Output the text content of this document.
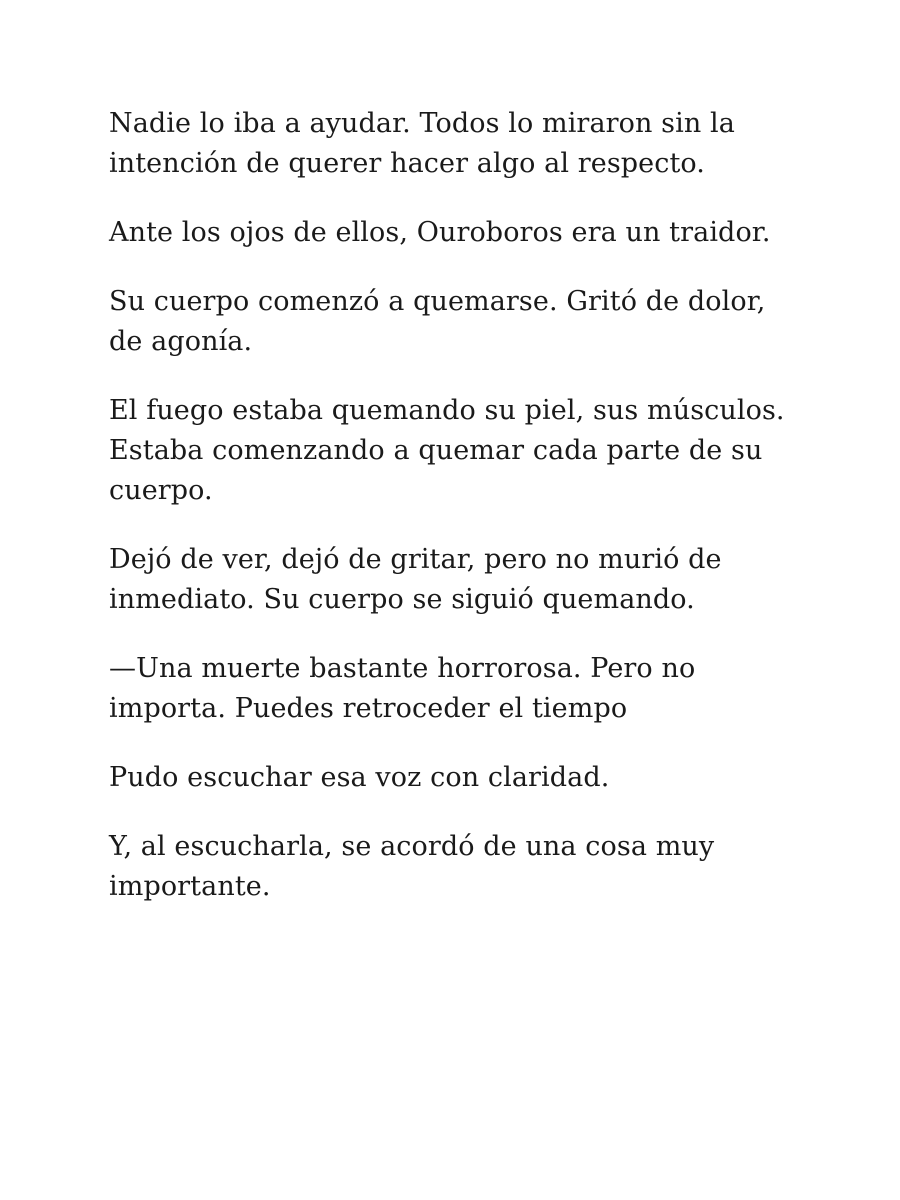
Nadie lo iba a ayudar. Todos lo miraron sin la
intención de querer hacer algo al respecto.

Ante los ojos de ellos, Ouroboros era un traidor.

Su cuerpo comenzó a quemarse. Gritó de dolor,
de agonía.

El fuego estaba quemando su piel, sus músculos.
Estaba comenzando a quemar cada parte de su
cuerpo.

Dejó de ver, dejó de gritar, pero no murió de
inmediato. Su cuerpo se siguió quemando.

—Una muerte bastante horrorosa. Pero no
importa. Puedes retroceder el tiempo

Pudo escuchar esa voz con claridad.

Y, al escucharla, se acordó de una cosa muy
importante.
